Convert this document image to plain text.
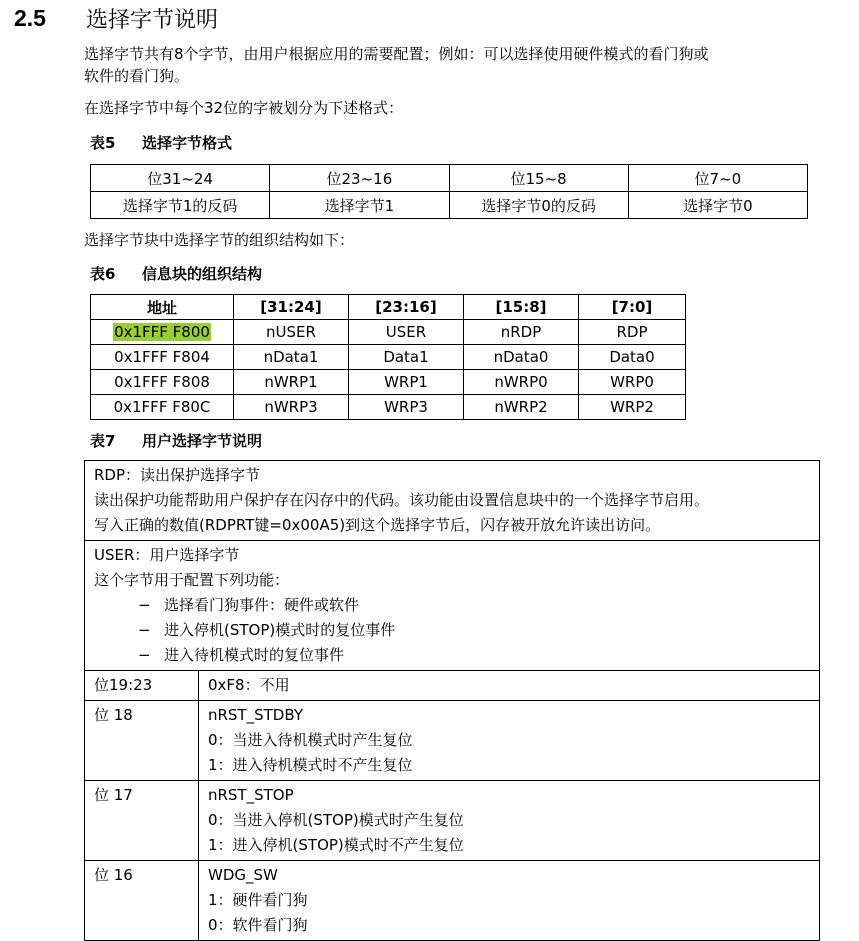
2.5	选择字节说明
选择字节共有8个字节，由用户根据应用的需要配置；例如：可以选择使用硬件模式的看门狗或
软件的看门狗。
在选择字节中每个32位的字被划分为下述格式：
表5 选择字节格式
位31~24	位23~16	位15~8	位7~0
选择字节1的反码	选择字节1	选择字节0的反码	选择字节0
选择字节块中选择字节的组织结构如下：
表6 信息块的组织结构
地址	[31:24]	[23:16]	[15:8]	[7:0]
0x1FFF F800	nUSER	USER	nRDP	RDP
0x1FFF F804	nData1	Data1	nData0	Data0
0x1FFF F808	nWRP1	WRP1	nWRP0	WRP0
0x1FFF F80C	nWRP3	WRP3	nWRP2	WRP2
表7 用户选择字节说明
RDP：读出保护选择字节
读出保护功能帮助用户保护存在闪存中的代码。该功能由设置信息块中的一个选择字节启用。
写入正确的数值(RDPRT键=0x00A5)到这个选择字节后，闪存被开放允许读出访问。	

USER：用户选择字节
这个字节用于配置下列功能：
− 选择看门狗事件：硬件或软件
− 进入停机(STOP)模式时的复位事件
− 进入待机模式时的复位事件	

位19:23	0xF8：不用

位 18	nRST_STDBY
0：当进入待机模式时产生复位
1：进入待机模式时不产生复位

位 17	nRST_STOP
0：当进入停机(STOP)模式时产生复位
1：进入停机(STOP)模式时不产生复位

位 16	WDG_SW
1：硬件看门狗
0：软件看门狗
